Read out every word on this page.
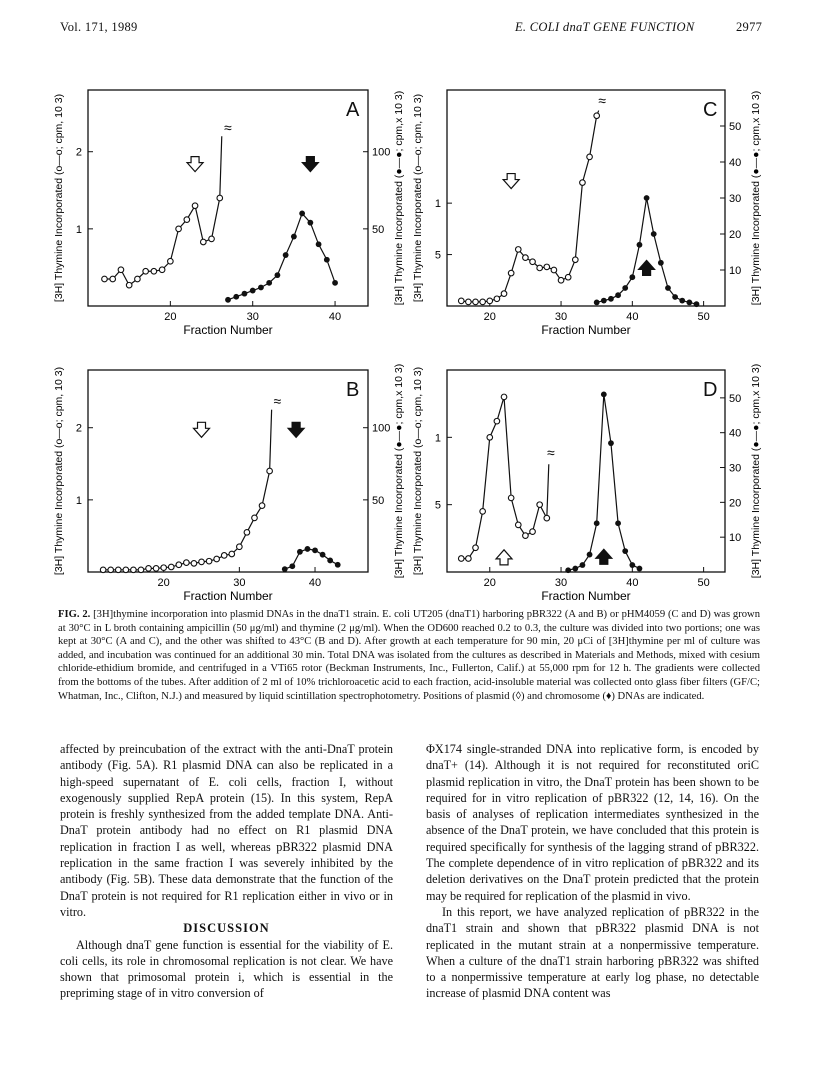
Vol. 171, 1989	E. COLI dnaT GENE FUNCTION	2977
A
20	30	40
Fraction Number
1
2
50
100
[3H] Thymine Incorporated (o—o; cpm, 10 3)	[3H] Thymine Incorporated (●—●; cpm,x 10 3)
≈
B
20	30	40
Fraction Number
1
2
50
100
[3H] Thymine Incorporated (o—o; cpm, 10 3)	[3H] Thymine Incorporated (●—●; cpm,x 10 3)
≈
C
20	30	40	50
Fraction Number
5
1
10
20
30
40
50
[3H] Thymine Incorporated (o—o; cpm, 10 3)	[3H] Thymine Incorporated (●—●; cpm,x 10 3)
≈
D
20	30	40	50
Fraction Number
5
1
10
20
30
40
50
[3H] Thymine Incorporated (o—o; cpm, 10 3)	[3H] Thymine Incorporated (●—●; cpm,x 10 3)
≈
FIG. 2. [3H]thymine incorporation into plasmid DNAs in the dnaT1 strain. E. coli UT205 (dnaT1) harboring pBR322 (A and B) or pHM4059 (C and D) was grown at 30°C in L broth containing ampicillin (50 μg/ml) and thymine (2 μg/ml). When the OD600 reached 0.2 to 0.3, the culture was divided into two portions; one was kept at 30°C (A and C), and the other was shifted to 43°C (B and D). After growth at each temperature for 90 min, 20 μCi of [3H]thymine per ml of culture was added, and incubation was continued for an additional 30 min. Total DNA was isolated from the cultures as described in Materials and Methods, mixed with cesium chloride-ethidium bromide, and centrifuged in a VTi65 rotor (Beckman Instruments, Inc., Fullerton, Calif.) at 55,000 rpm for 12 h. The gradients were collected from the bottoms of the tubes. After addition of 2 ml of 10% trichloroacetic acid to each fraction, acid-insoluble material was collected onto glass fiber filters (GF/C; Whatman, Inc., Clifton, N.J.) and measured by liquid scintillation spectrophotometry. Positions of plasmid (◊) and chromosome (♦) DNAs are indicated.

affected by preincubation of the extract with the anti-DnaT protein antibody (Fig. 5A). R1 plasmid DNA can also be replicated in a high-speed supernatant of E. coli cells, fraction I, without exogenously supplied RepA protein (15). In this system, RepA protein is freshly synthesized from the added template DNA. Anti-DnaT protein antibody had no effect on R1 plasmid DNA replication in fraction I as well, whereas pBR322 plasmid DNA replication in the same fraction I was severely inhibited by the antibody (Fig. 5B). These data demonstrate that the function of the DnaT protein is not required for R1 replication either in vivo or in vitro.

DISCUSSION

Although dnaT gene function is essential for the viability of E. coli cells, its role in chromosomal replication is not clear. We have shown that primosomal protein i, which is essential in the prepriming stage of in vitro conversion of

ΦX174 single-stranded DNA into replicative form, is encoded by dnaT+ (14). Although it is not required for reconstituted oriC plasmid replication in vitro, the DnaT protein has been shown to be required for in vitro replication of pBR322 (12, 14, 16). On the basis of analyses of replication intermediates synthesized in the absence of the DnaT protein, we have concluded that this protein is required specifically for synthesis of the lagging strand of pBR322. The complete dependence of in vitro replication of pBR322 and its deletion derivatives on the DnaT protein predicted that the protein may be required for replication of the plasmid in vivo.

In this report, we have analyzed replication of pBR322 in the dnaT1 strain and shown that pBR322 plasmid DNA is not replicated in the mutant strain at a nonpermissive temperature. When a culture of the dnaT1 strain harboring pBR322 was shifted to a nonpermissive temperature at early log phase, no detectable increase of plasmid DNA content was
